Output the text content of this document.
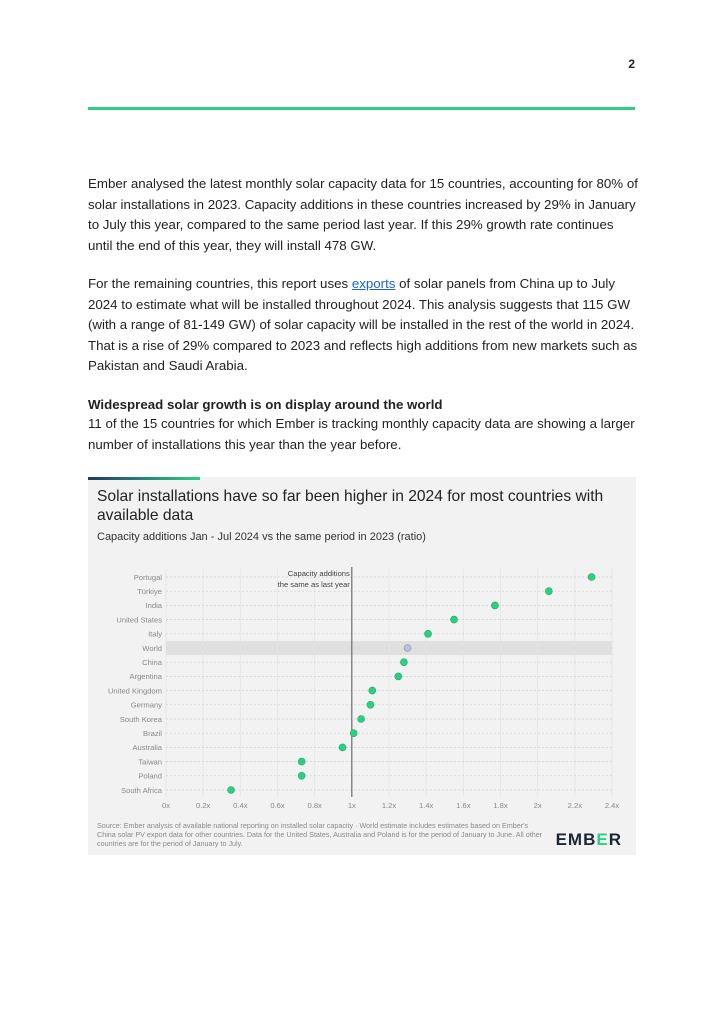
2

Ember analysed the latest monthly solar capacity data for 15 countries, accounting for 80% of solar installations in 2023. Capacity additions in these countries increased by 29% in January to July this year, compared to the same period last year. If this 29% growth rate continues until the end of this year, they will install 478 GW.

For the remaining countries, this report uses exports of solar panels from China up to July 2024 to estimate what will be installed throughout 2024. This analysis suggests that 115 GW (with a range of 81-149 GW) of solar capacity will be installed in the rest of the world in 2024. That is a rise of 29% compared to 2023 and reflects high additions from new markets such as Pakistan and Saudi Arabia.

Widespread solar growth is on display around the world

11 of the 15 countries for which Ember is tracking monthly capacity data are showing a larger number of installations this year than the year before.

Solar installations have so far been higher in 2024 for most countries with available data
Capacity additions Jan - Jul 2024 vs the same period in 2023 (ratio)
Capacity additions
the same as last year
Portugal
Türkiye
India
United States
Italy
World
China
Argentina
United Kingdom
Germany
South Korea
Brazil
Australia
Taiwan
Poland
South Africa
0x	0.2x	0.4x	0.6x	0.8x	1x	1.2x	1.4x	1.6x	1.8x	2x	2.2x	2.4x
Source: Ember analysis of available national reporting on installed solar capacity · World estimate includes estimates based on Ember's China solar PV export data for other countries. Data for the United States, Australia and Poland is for the period of January to June. All other countries are for the period of January to July.	EMBER
